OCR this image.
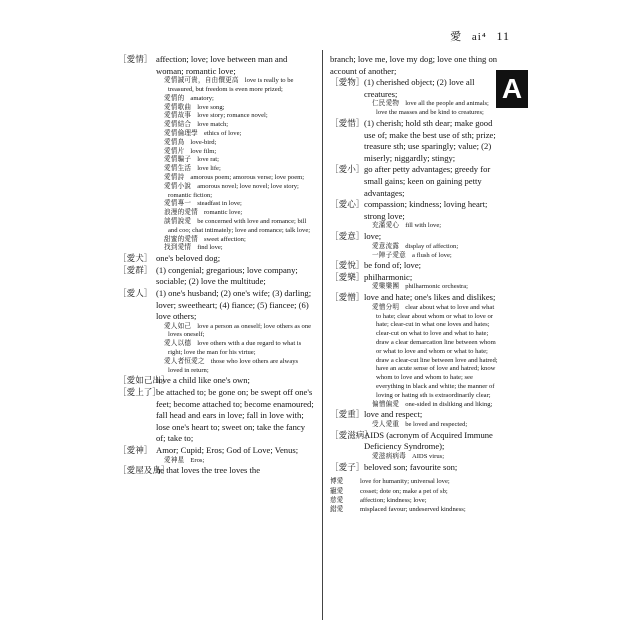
愛 ai⁴ 11
A
［愛情］ affection; love; love between man and woman; romantic love;
愛情誠可貴，自由價更高 love is really to be treasured, but freedom is even more prized;
愛情的 amatory;
愛情歌曲 love song;
愛情故事 love story; romance novel;
愛情結合 love match;
愛情倫理學 ethics of love;
愛情鳥 love-bird;
愛情片 love film;
愛情騙子 love rat;
愛情生活 love life;
愛情詩 amorous poem; amorous verse; love poem;
愛情小說 amorous novel; love novel; love story; romantic fiction;
愛情專一 steadfast in love;
浪漫的愛情 romantic love;
談情說愛 be concerned with love and romance; bill and coo; chat intimately; love and romance; talk love;
甜蜜的愛情 sweet affection;
找到愛情 find love;
［愛犬］ one's beloved dog;
［愛群］ (1) congenial; gregarious; love company; sociable; (2) love the multitude;
［愛人］ (1) one's husband; (2) one's wife; (3) darling; lover; sweetheart; (4) fiance; (5) fiancee; (6) love others;
愛人如己 love a person as oneself; love others as one loves oneself;
愛人以德 love others with a due regard to what is right; love the man for his virtue;
愛人者恒愛之 those who love others are always loved in return;
［愛如己出］
love a child like one's own;
［愛上了］
be attached to; be gone on; be swept off one's feet; become attached to; become enamoured; fall head and ears in love; fall in love with; lose one's heart to; sweet on; take the fancy of; take to;
［愛神］ Amor; Cupid; Eros; God of Love; Venus;
愛神星 Eros;
［愛屋及烏］
he that loves the tree loves the
branch; love me, love my dog; love one thing on account of another;
［愛物］ (1) cherished object; (2) love all creatures;
仁民愛物 love all the people and animals; love the masses and be kind to creatures;
［愛惜］ (1) cherish; hold sth dear; make good use of; make the best use of sth; prize; treasure sth; use sparingly; value; (2) miserly; niggardly; stingy;
［愛小］ go after petty advantages; greedy for small gains; keen on gaining petty advantages;
［愛心］ compassion; kindness; loving heart; strong love;
充滿愛心 fill with love;
［愛意］ love;
愛意流露 display of affection;
一陣子愛意 a flush of love;
［愛悅］ be fond of; love;
［愛樂］ philharmonic;
愛樂樂團 philharmonic orchestra;
［愛憎］ love and hate; one's likes and dislikes;
愛憎分明 clear about what to love and what to hate; clear about whom or what to love or hate; clear-cut in what one loves and hates; clear-cut on what to love and what to hate; draw a clear demarcation line between whom or what to love and whom or what to hate; draw a clear-cut line between love and hatred; have an acute sense of love and hatred; know whom to love and whom to hate; see everything in black and white; the manner of loving or hating sth is extraordinarily clear;
偏憎偏愛 one-sided in disliking and liking;
［愛重］ love and respect;
受人愛重 be loved and respected;
［愛滋病］
AIDS (acronym of Acquired Immune Deficiency Syndrome);
愛滋病病毒 AIDS virus;
［愛子］ beloved son; favourite son;
博愛	love for humanity; universal love;
寵愛	cosset; dote on; make a pet of sb;
慈愛	affection; kindness; love;
錯愛	misplaced favour; undeserved kindness;
